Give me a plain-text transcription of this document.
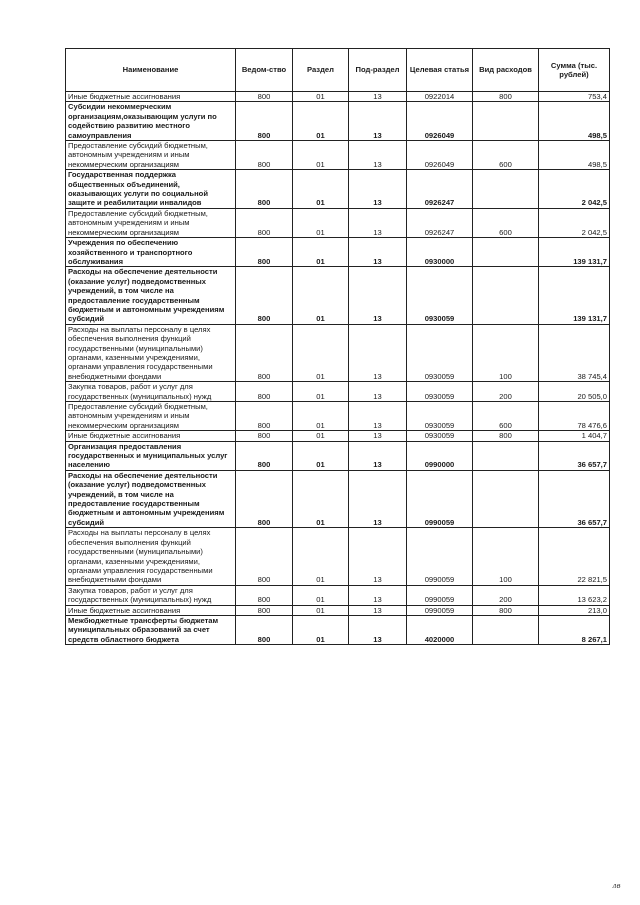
Наименование	Ведом-ство	Раздел	Под-раздел	Целевая статья	Вид расходов	Сумма (тыс. рублей)
Иные бюджетные ассигнования	800	01	13	0922014	800	753,4
Субсидии некоммерческим организациям,оказывающим услуги по содействию развитию местного самоуправления	800	01	13	0926049		498,5
Предоставление субсидий бюджетным, автономным учреждениям и иным некоммерческим организациям	800	01	13	0926049	600	498,5
Государственная поддержка общественных объединений, оказывающих услуги по социальной защите и реабилитации инвалидов	800	01	13	0926247		2 042,5
Предоставление субсидий бюджетным, автономным учреждениям и иным некоммерческим организациям	800	01	13	0926247	600	2 042,5
Учреждения по обеспечению хозяйственного и транспортного обслуживания	800	01	13	0930000		139 131,7
Расходы на обеспечение деятельности (оказание услуг) подведомственных учреждений, в том числе на предоставление государственным бюджетным и автономным учреждениям субсидий	800	01	13	0930059		139 131,7
Расходы на выплаты персоналу в целях обеспечения выполнения функций государственными (муниципальными) органами, казенными учреждениями, органами управления государственными внебюджетными фондами	800	01	13	0930059	100	38 745,4
Закупка товаров, работ и услуг для государственных (муниципальных) нужд	800	01	13	0930059	200	20 505,0
Предоставление субсидий бюджетным, автономным учреждениям и иным некоммерческим организациям	800	01	13	0930059	600	78 476,6
Иные бюджетные ассигнования	800	01	13	0930059	800	1 404,7
Организация предоставления государственных и муниципальных услуг населению	800	01	13	0990000		36 657,7
Расходы на обеспечение деятельности (оказание услуг) подведомственных учреждений, в том числе на предоставление государственным бюджетным и автономным учреждениям субсидий	800	01	13	0990059		36 657,7
Расходы на выплаты персоналу в целях обеспечения выполнения функций государственными (муниципальными) органами, казенными учреждениями, органами управления государственными внебюджетными фондами	800	01	13	0990059	100	22 821,5
Закупка товаров, работ и услуг для государственных (муниципальных) нужд	800	01	13	0990059	200	13 623,2
Иные бюджетные ассигнования	800	01	13	0990059	800	213,0
Межбюджетные трансферты бюджетам муниципальных образований за счет средств областного бюджета	800	01	13	4020000		8 267,1
лв
